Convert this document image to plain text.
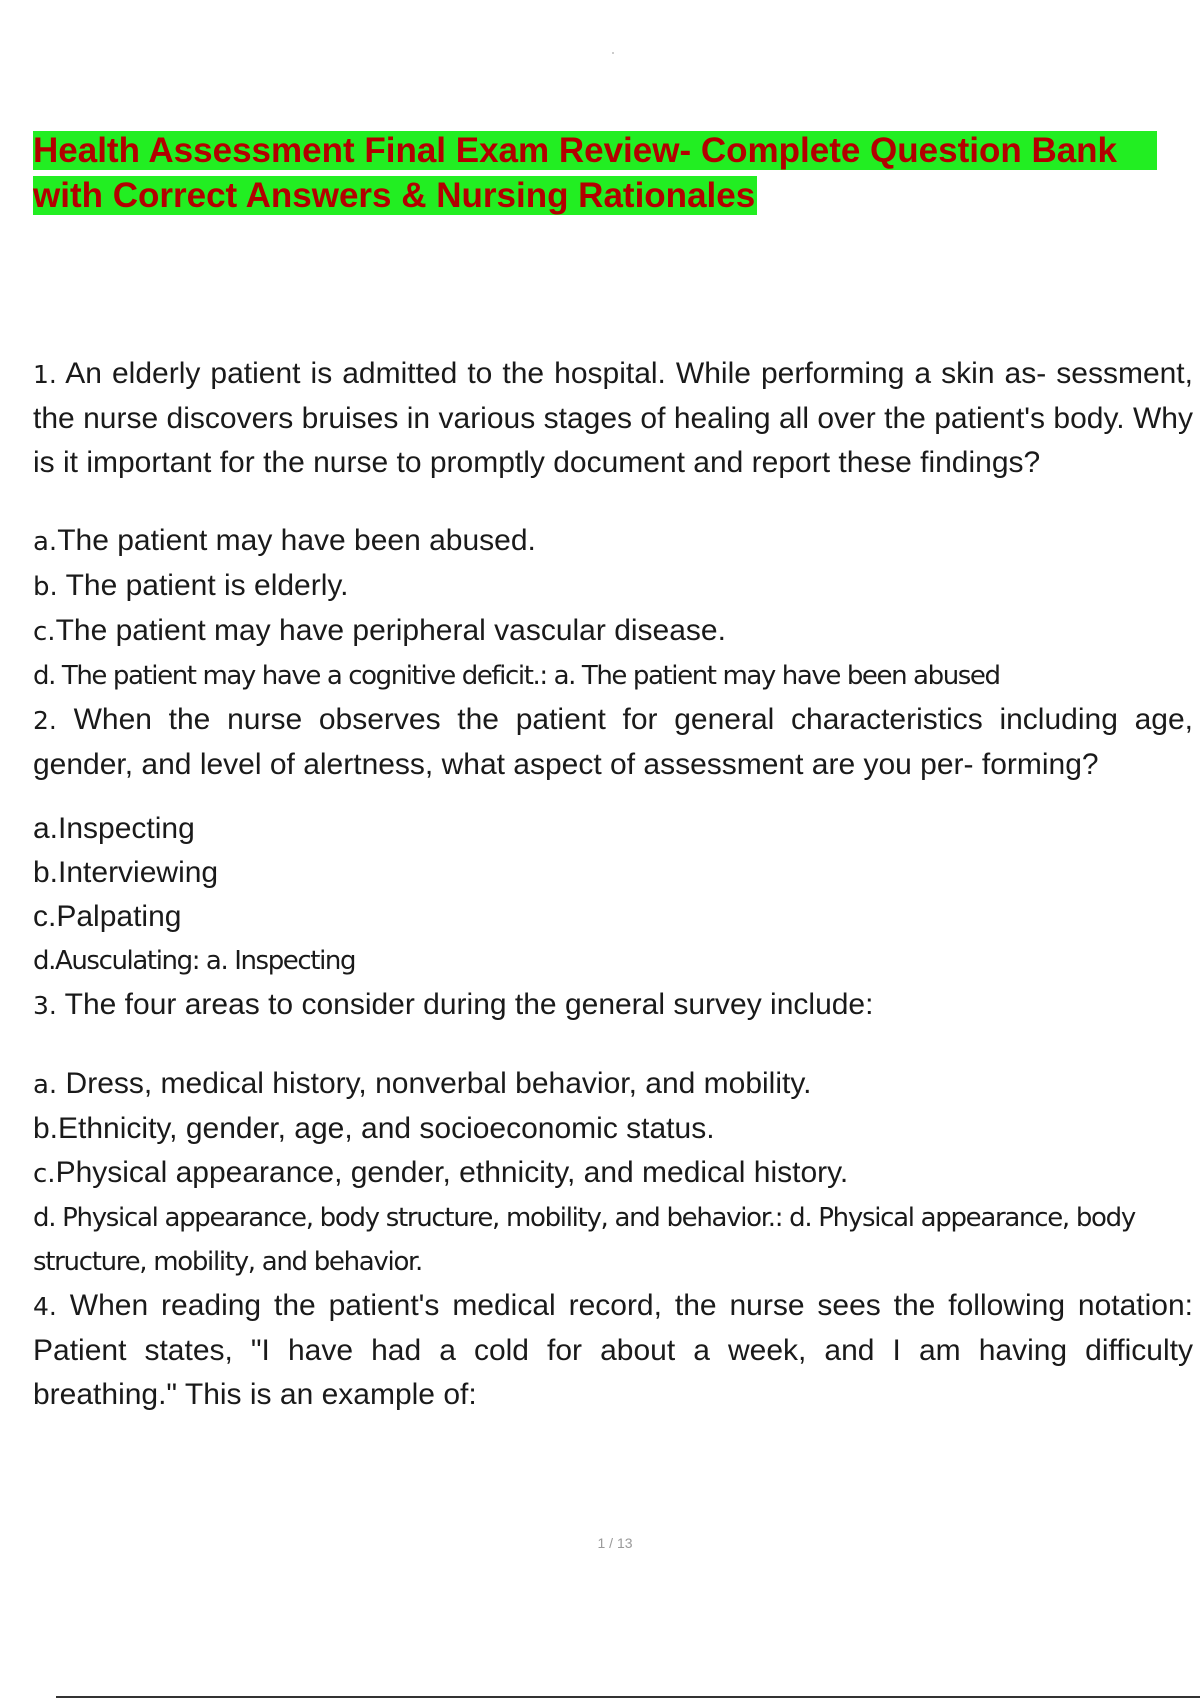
Health Assessment Final Exam Review- Complete Question Bank
with Correct Answers & Nursing Rationales

1. An elderly patient is admitted to the hospital. While performing a skin as- sessment, the nurse discovers bruises in various stages of healing all over the patient's body. Why is it important for the nurse to promptly document and report these findings?

a.The patient may have been abused.

b. The patient is elderly.

c.The patient may have peripheral vascular disease.

d. The patient may have a cognitive deficit.: a. The patient may have been abused

2. When the nurse observes the patient for general characteristics including age, gender, and level of alertness, what aspect of assessment are you per- forming?

a.Inspecting

b.Interviewing

c.Palpating

d.Ausculating: a. Inspecting

3. The four areas to consider during the general survey include:

a. Dress, medical history, nonverbal behavior, and mobility.

b.Ethnicity, gender, age, and socioeconomic status.

c.Physical appearance, gender, ethnicity, and medical history.

d. Physical appearance, body structure, mobility, and behavior.: d. Physical appearance, body structure, mobility, and behavior.

4. When reading the patient's medical record, the nurse sees the following notation: Patient states, "I have had a cold for about a week, and I am having difficulty breathing." This is an example of:

1 / 13
